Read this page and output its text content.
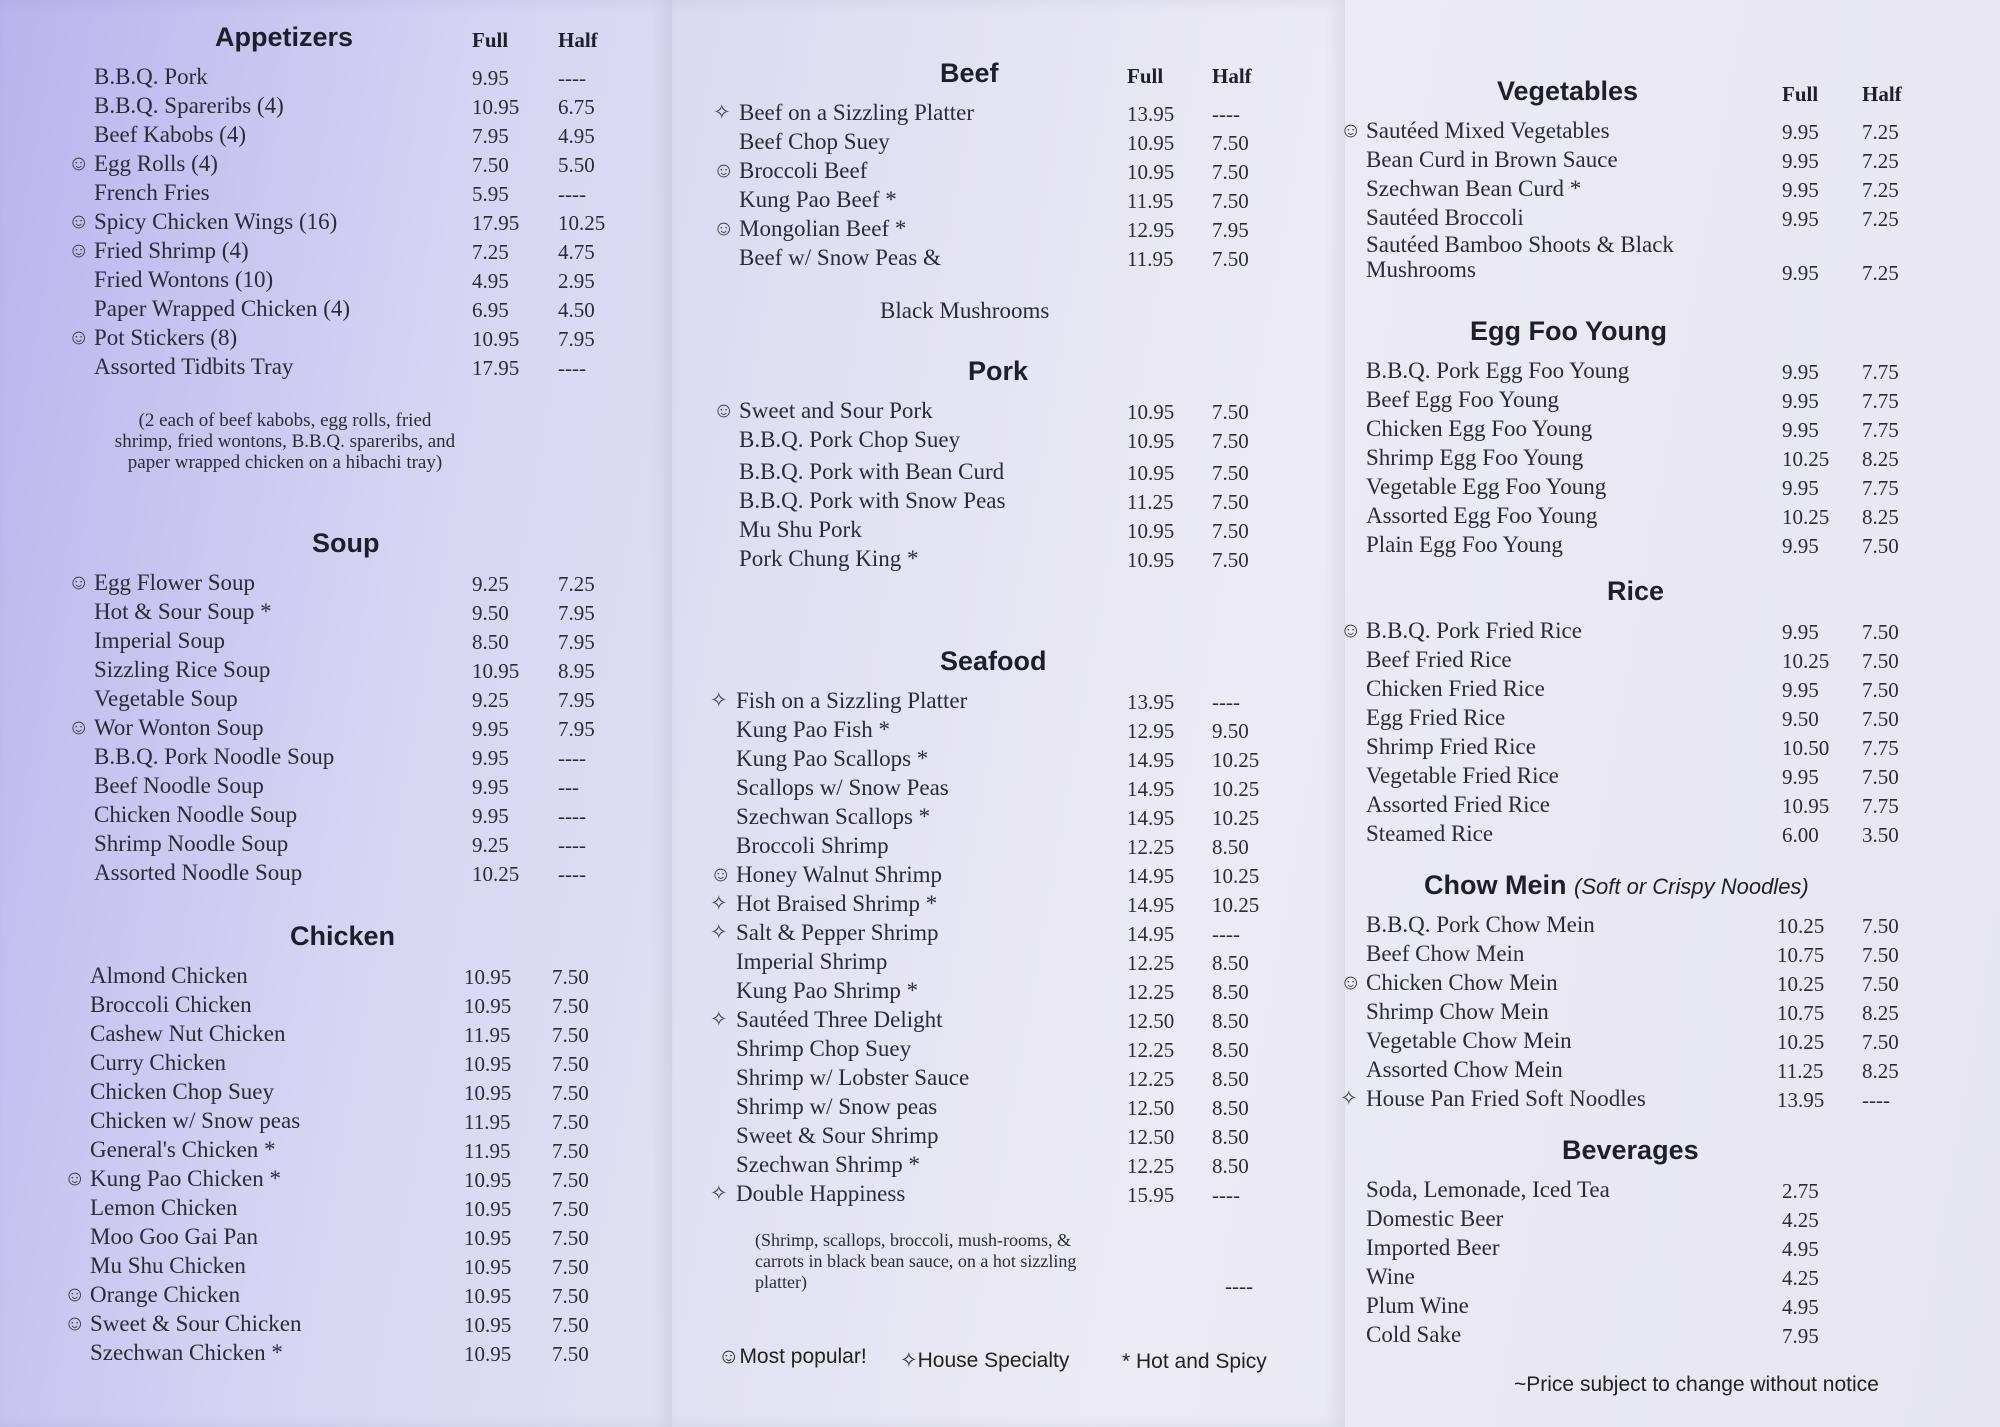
Appetizers	Full Half
B.B.Q. Pork	9.95 ----
B.B.Q. Spareribs (4)	10.95 6.75
Beef Kabobs (4)	7.95 4.95
☺ Egg Rolls (4)	7.50 5.50
French Fries	5.95 ----
☺ Spicy Chicken Wings (16)	17.95 10.25
☺ Fried Shrimp (4)	7.25 4.75
Fried Wontons (10)	4.95 2.95
Paper Wrapped Chicken (4)	6.95 4.50
☺ Pot Stickers (8)	10.95 7.95
Assorted Tidbits Tray	17.95 ----
(2 each of beef kabobs, egg rolls, fried shrimp, fried wontons, B.B.Q. spareribs, and paper wrapped chicken on a hibachi tray)
Soup
☺ Egg Flower Soup	9.25 7.25
Hot & Sour Soup *	9.50 7.95
Imperial Soup	8.50 7.95
Sizzling Rice Soup	10.95 8.95
Vegetable Soup	9.25 7.95
☺ Wor Wonton Soup	9.95 7.95
B.B.Q. Pork Noodle Soup	9.95 ----
Beef Noodle Soup	9.95 ---
Chicken Noodle Soup	9.95 ----
Shrimp Noodle Soup	9.25 ----
Assorted Noodle Soup	10.25 ----
Chicken
Almond Chicken	10.95 7.50
Broccoli Chicken	10.95 7.50
Cashew Nut Chicken	11.95 7.50
Curry Chicken	10.95 7.50
Chicken Chop Suey	10.95 7.50
Chicken w/ Snow peas	11.95 7.50
General's Chicken *	11.95 7.50
☺ Kung Pao Chicken *	10.95 7.50
Lemon Chicken	10.95 7.50
Moo Goo Gai Pan	10.95 7.50
Mu Shu Chicken	10.95 7.50
☺ Orange Chicken	10.95 7.50
☺ Sweet & Sour Chicken	10.95 7.50
Szechwan Chicken *	10.95 7.50
Beef	Full Half
✧ Beef on a Sizzling Platter	13.95 ----
Beef Chop Suey	10.95 7.50
☺ Broccoli Beef	10.95 7.50
Kung Pao Beef *	11.95 7.50
☺ Mongolian Beef *	12.95 7.95
Beef w/ Snow Peas &	11.95 7.50
Black Mushrooms
Pork
☺ Sweet and Sour Pork	10.95 7.50
B.B.Q. Pork Chop Suey	10.95 7.50
B.B.Q. Pork with Bean Curd	10.95 7.50
B.B.Q. Pork with Snow Peas	11.25 7.50
Mu Shu Pork	10.95 7.50
Pork Chung King *	10.95 7.50
Seafood
✧ Fish on a Sizzling Platter	13.95 ----
Kung Pao Fish *	12.95 9.50
Kung Pao Scallops *	14.95 10.25
Scallops w/ Snow Peas	14.95 10.25
Szechwan Scallops *	14.95 10.25
Broccoli Shrimp	12.25 8.50
☺ Honey Walnut Shrimp	14.95 10.25
✧ Hot Braised Shrimp *	14.95 10.25
✧ Salt & Pepper Shrimp	14.95 ----
Imperial Shrimp	12.25 8.50
Kung Pao Shrimp *	12.25 8.50
✧ Sautéed Three Delight	12.50 8.50
Shrimp Chop Suey	12.25 8.50
Shrimp w/ Lobster Sauce	12.25 8.50
Shrimp w/ Snow peas	12.50 8.50
Sweet & Sour Shrimp	12.50 8.50
Szechwan Shrimp *	12.25 8.50
✧ Double Happiness	15.95 ----
(Shrimp, scallops, broccoli, mush-rooms, & carrots in black bean sauce, on a hot sizzling platter)	----
☺Most popular! ✧House Specialty	* Hot and Spicy
Vegetables	Full Half
☺ Sautéed Mixed Vegetables	9.95 7.25
Bean Curd in Brown Sauce	9.95 7.25
Szechwan Bean Curd *	9.95 7.25
Sautéed Broccoli	9.95 7.25
Sautéed Bamboo Shoots & Black Mushrooms	9.95 7.25
Egg Foo Young
B.B.Q. Pork Egg Foo Young	9.95 7.75
Beef Egg Foo Young	9.95 7.75
Chicken Egg Foo Young	9.95 7.75
Shrimp Egg Foo Young	10.25 8.25
Vegetable Egg Foo Young	9.95 7.75
Assorted Egg Foo Young	10.25 8.25
Plain Egg Foo Young	9.95 7.50
Rice
☺ B.B.Q. Pork Fried Rice	9.95 7.50
Beef Fried Rice	10.25 7.50
Chicken Fried Rice	9.95 7.50
Egg Fried Rice	9.50 7.50
Shrimp Fried Rice	10.50 7.75
Vegetable Fried Rice	9.95 7.50
Assorted Fried Rice	10.95 7.75
Steamed Rice	6.00 3.50
Chow Mein (Soft or Crispy Noodles)
B.B.Q. Pork Chow Mein	10.25 7.50
Beef Chow Mein	10.75 7.50
☺ Chicken Chow Mein	10.25 7.50
Shrimp Chow Mein	10.75 8.25
Vegetable Chow Mein	10.25 7.50
Assorted Chow Mein	11.25 8.25
✧ House Pan Fried Soft Noodles	13.95 ----
Beverages
Soda, Lemonade, Iced Tea	2.75
Domestic Beer	4.25
Imported Beer	4.95
Wine	4.25
Plum Wine	4.95
Cold Sake	7.95
~Price subject to change without notice
